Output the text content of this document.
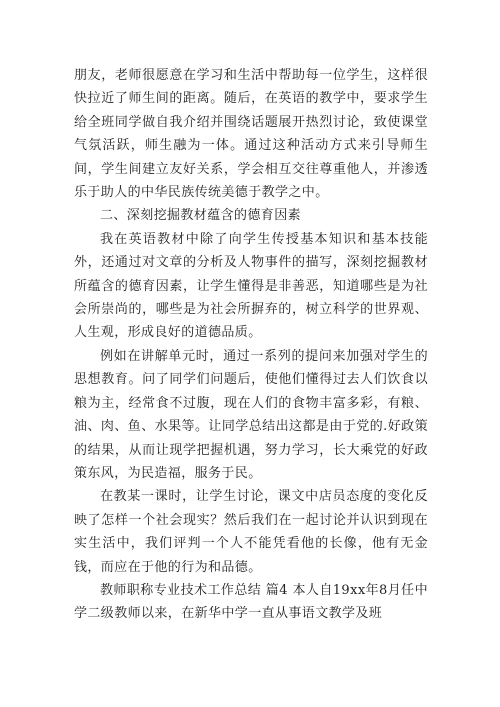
朋友，老师很愿意在学习和生活中帮助每一位学生，这样很快拉近了师生间的距离。随后，在英语的教学中，要求学生给全班同学做自我介绍并围绕话题展开热烈讨论，致使课堂气氛活跃，师生融为一体。通过这种活动方式来引导师生间，学生间建立友好关系，学会相互交往尊重他人，并渗透乐于助人的中华民族传统美德于教学之中。

二、深刻挖掘教材蕴含的德育因素

我在英语教材中除了向学生传授基本知识和基本技能外，还通过对文章的分析及人物事件的描写，深刻挖掘教材所蕴含的德育因素，让学生懂得是非善恶，知道哪些是为社会所崇尚的，哪些是为社会所摒弃的，树立科学的世界观、人生观，形成良好的道德品质。

例如在讲解单元时，通过一系列的提问来加强对学生的思想教育。问了同学们问题后，使他们懂得过去人们饮食以粮为主，经常食不过腹，现在人们的食物丰富多彩，有粮、油、肉、鱼、水果等。让同学总结出这都是由于党的.好政策的结果，从而让现学把握机遇，努力学习，长大乘党的好政策东风，为民造福，服务于民。

在教某一课时，让学生讨论，课文中店员态度的变化反映了怎样一个社会现实？然后我们在一起讨论并认识到现在实生活中，我们评判一个人不能凭看他的长像，他有无金钱，而应在于他的行为和品德。

教师职称专业技术工作总结 篇4 本人自19xx年8月任中学二级教师以来，在新华中学一直从事语文教学及班
